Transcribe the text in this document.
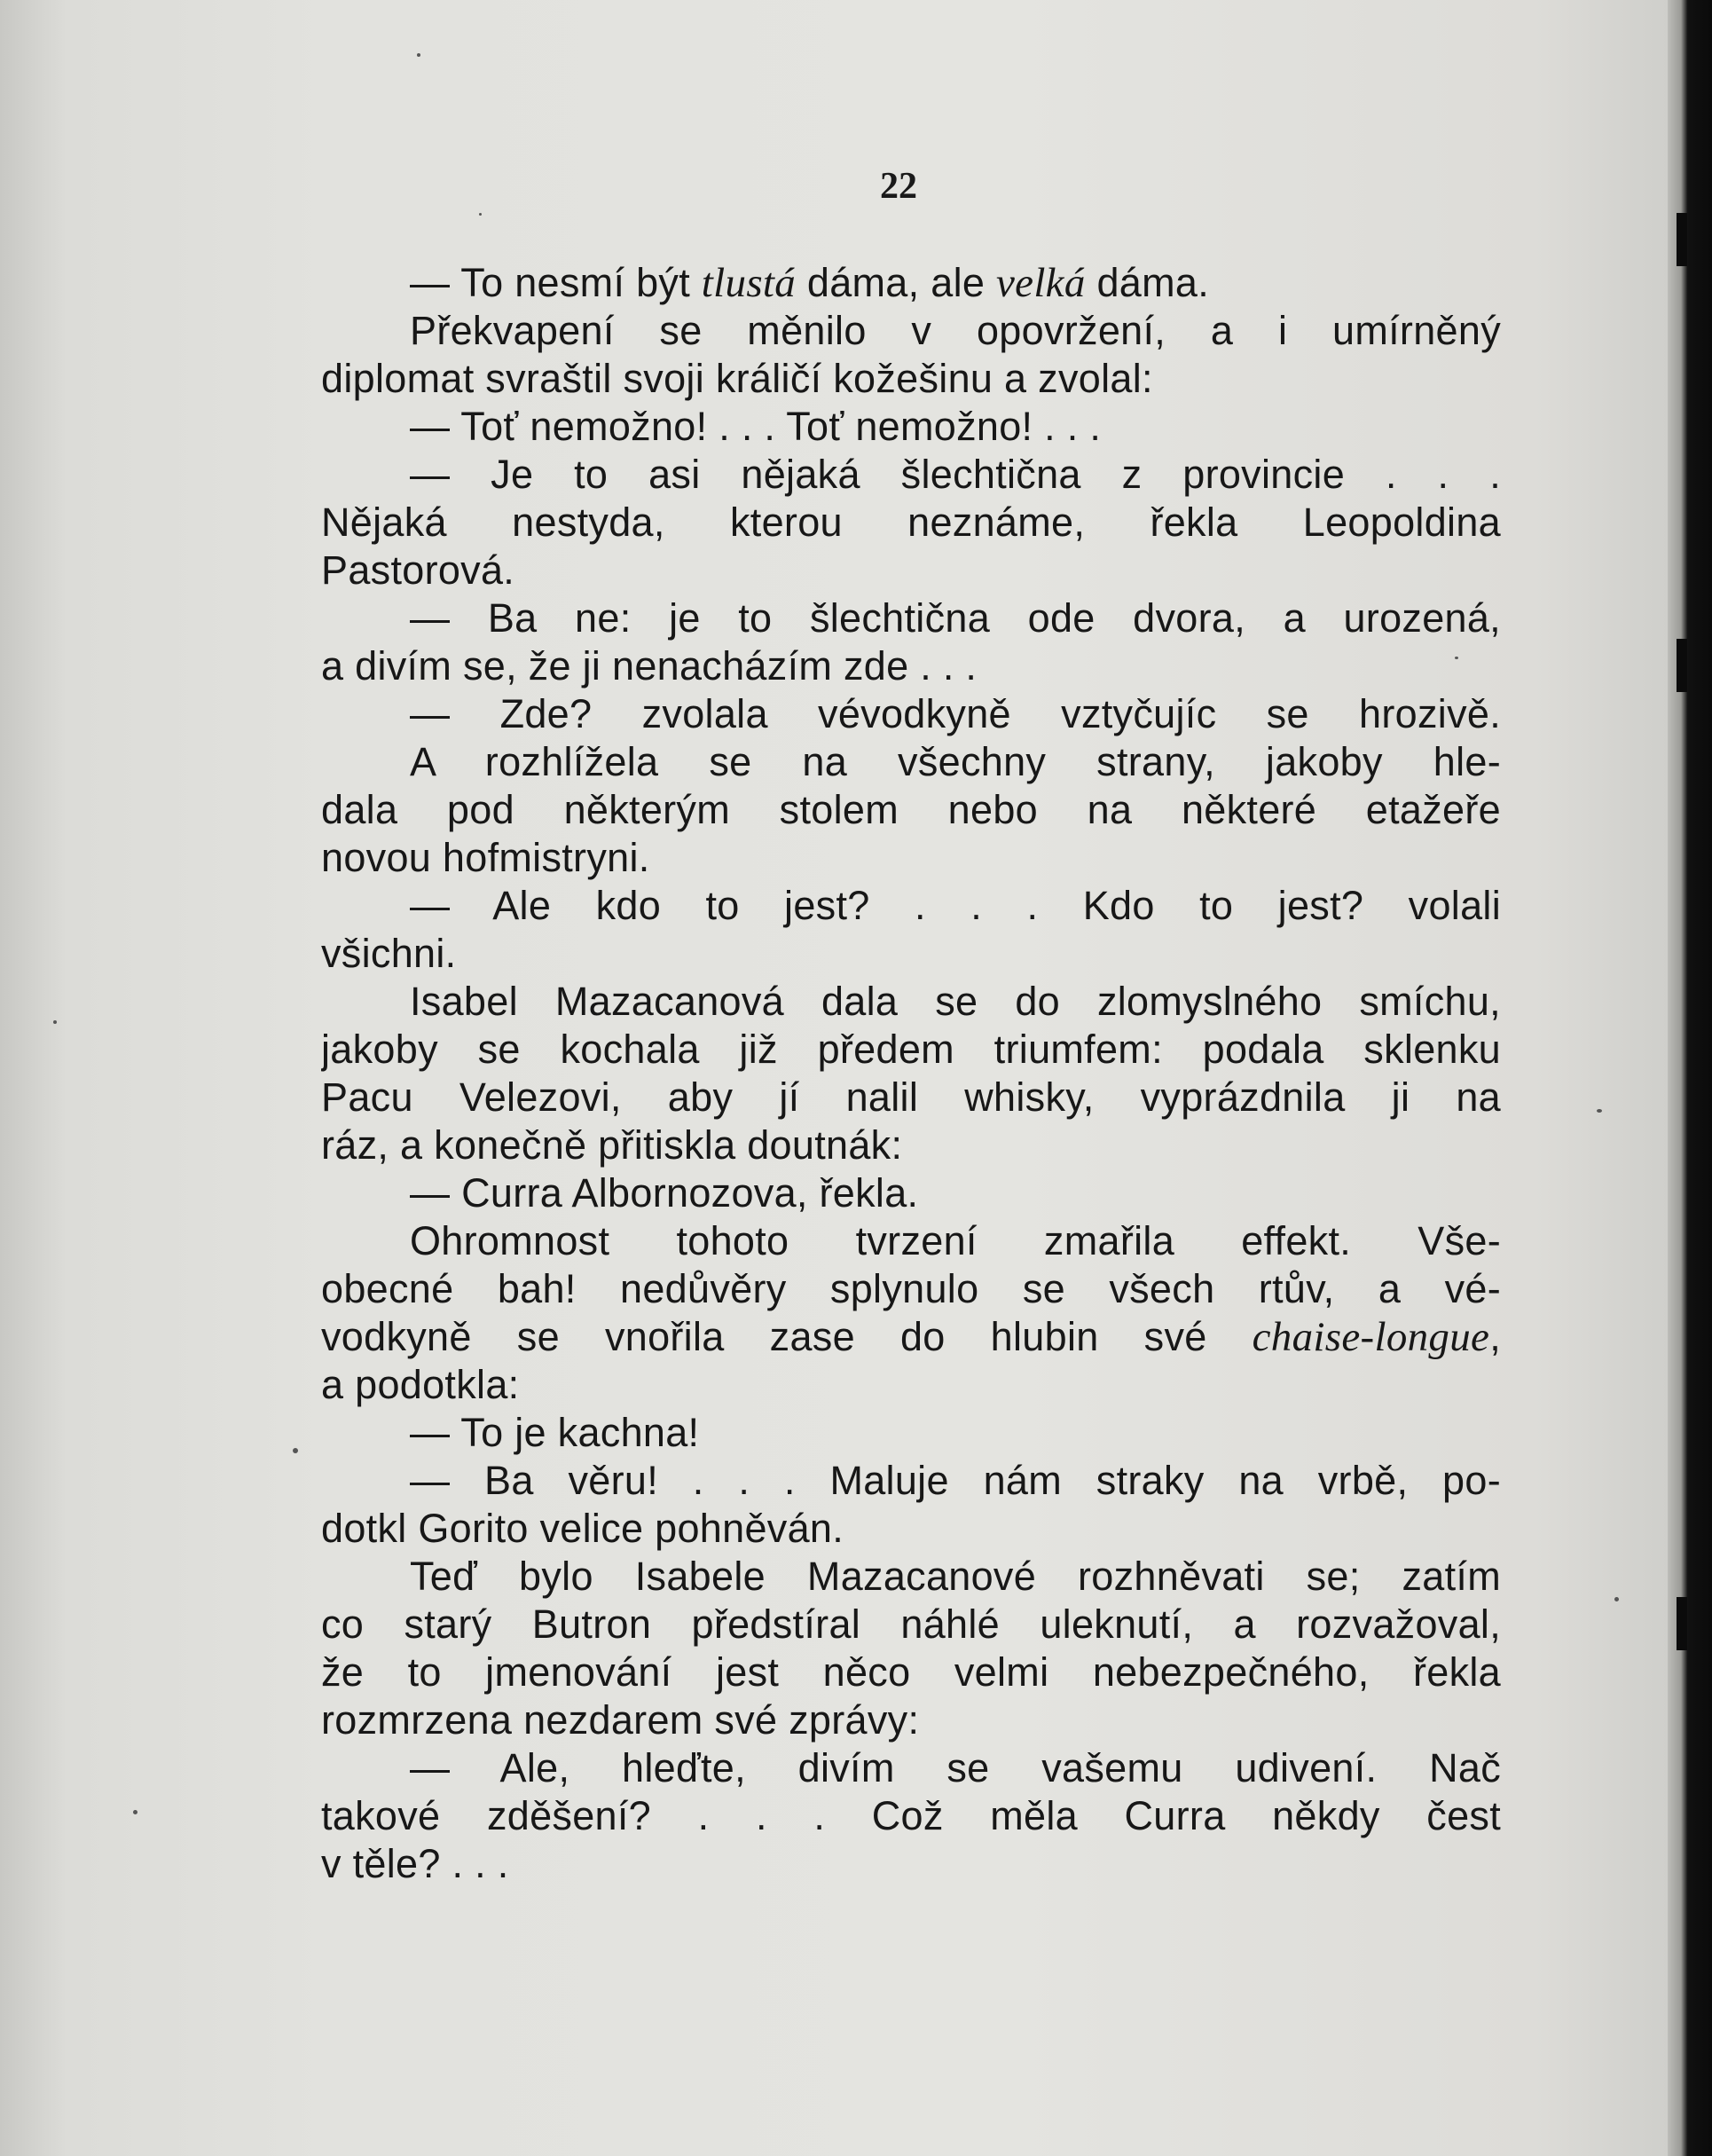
22
— To nesmí být tlustá dáma, ale velká dáma.
Překvapení se měnilo v opovržení, a i umírněný
diplomat svraštil svoji králičí kožešinu a zvolal:
— Toť nemožno! . . . Toť nemožno! . . .
— Je to asi nějaká šlechtična z provincie . . .
Nějaká nestyda, kterou neznáme, řekla Leopoldina
Pastorová.
— Ba ne: je to šlechtična ode dvora, a urozená,
a divím se, že ji nenacházím zde . . .
— Zde? zvolala vévodkyně vztyčujíc se hrozivě.
A rozhlížela se na všechny strany, jakoby hle-
dala pod některým stolem nebo na některé etažeře
novou hofmistryni.
— Ale kdo to jest? . . . Kdo to jest? volali
všichni.
Isabel Mazacanová dala se do zlomyslného smíchu,
jakoby se kochala již předem triumfem: podala sklenku
Pacu Velezovi, aby jí nalil whisky, vyprázdnila ji na
ráz, a konečně přitiskla doutnák:
— Curra Albornozova, řekla.
Ohromnost tohoto tvrzení zmařila effekt. Vše-
obecné bah! nedůvěry splynulo se všech rtův, a vé-
vodkyně se vnořila zase do hlubin své chaise-longue,
a podotkla:
— To je kachna!
— Ba věru! . . . Maluje nám straky na vrbě, po-
dotkl Gorito velice pohněván.
Teď bylo Isabele Mazacanové rozhněvati se; zatím
co starý Butron předstíral náhlé uleknutí, a rozvažoval,
že to jmenování jest něco velmi nebezpečného, řekla
rozmrzena nezdarem své zprávy:
— Ale, hleďte, divím se vašemu udivení. Nač
takové zděšení? . . . Což měla Curra někdy čest
v těle? . . .
